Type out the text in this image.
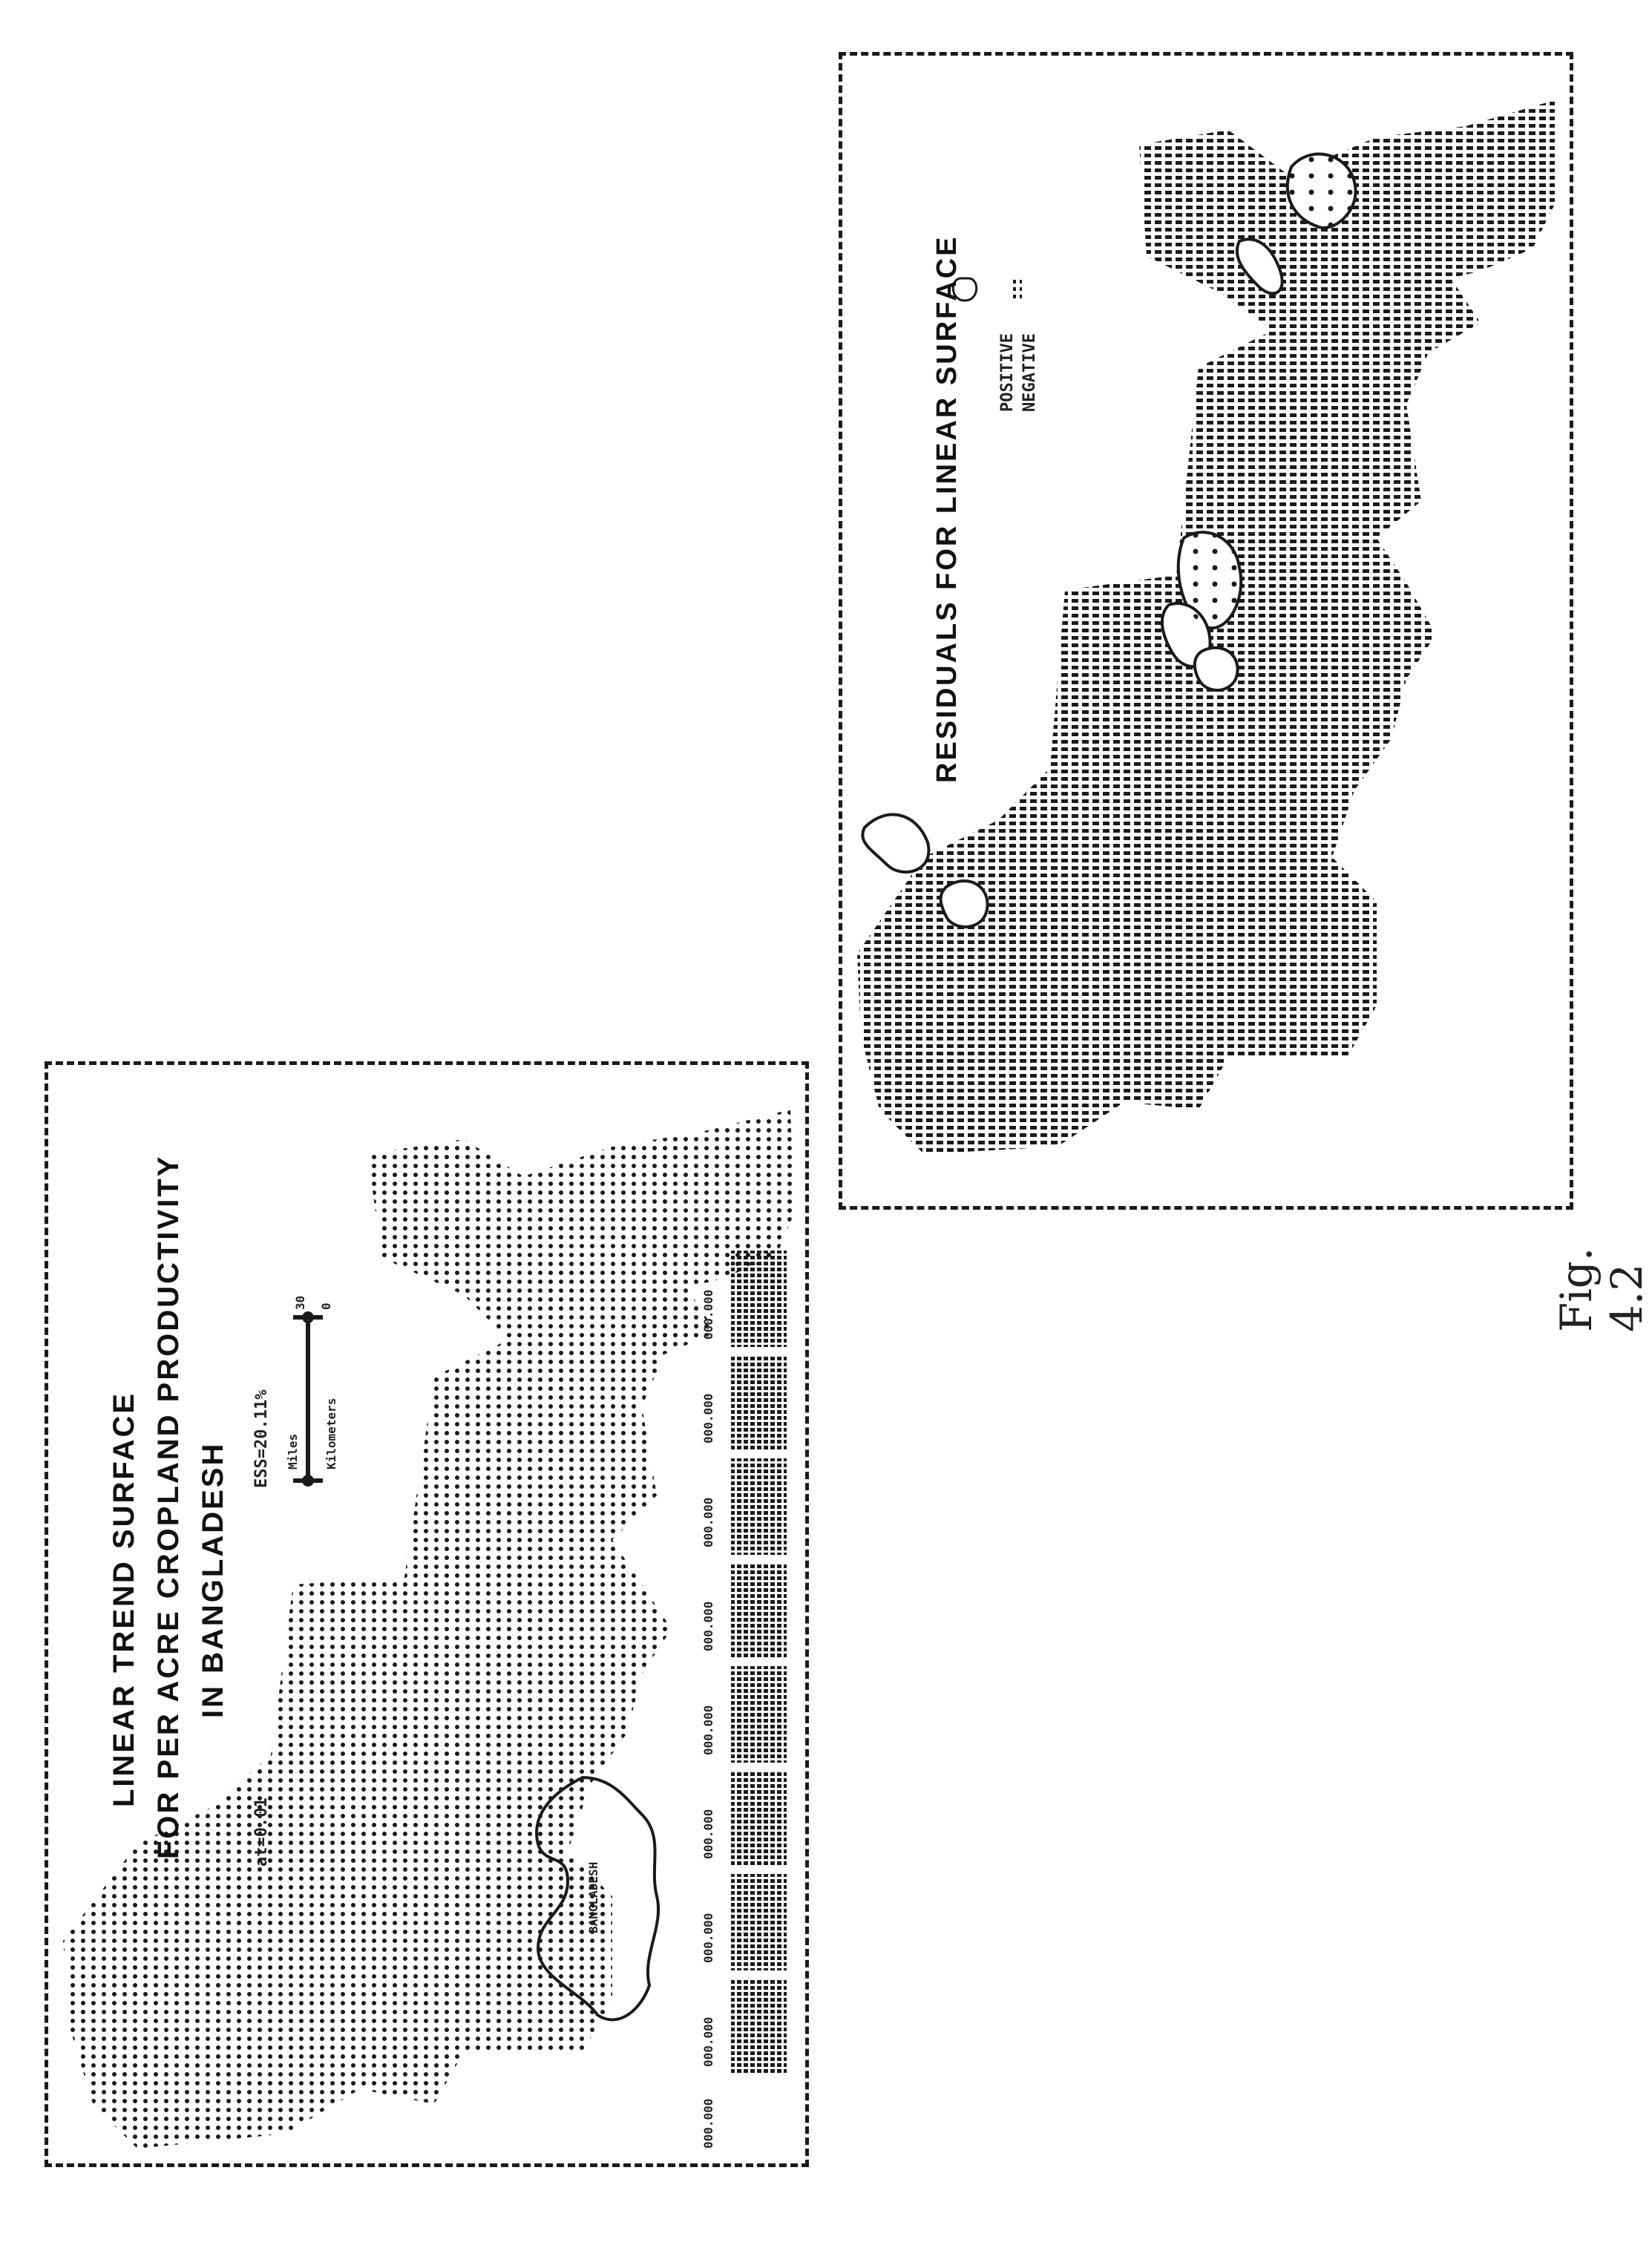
LINEAR TREND SURFACE FOR PER ACRE CROPLAND PRODUCTIVITY IN BANGLADESH
at=0.01
ESS=20.11% Miles Kilometers
30 0
BANGLADESH
000.000
000.000
000.000
000.000
000.000
000.000
000.000
000.000
000.000
RESIDUALS FOR LINEAR SURFACE POSITIVE NEGATIVE
Fig. 4.2
